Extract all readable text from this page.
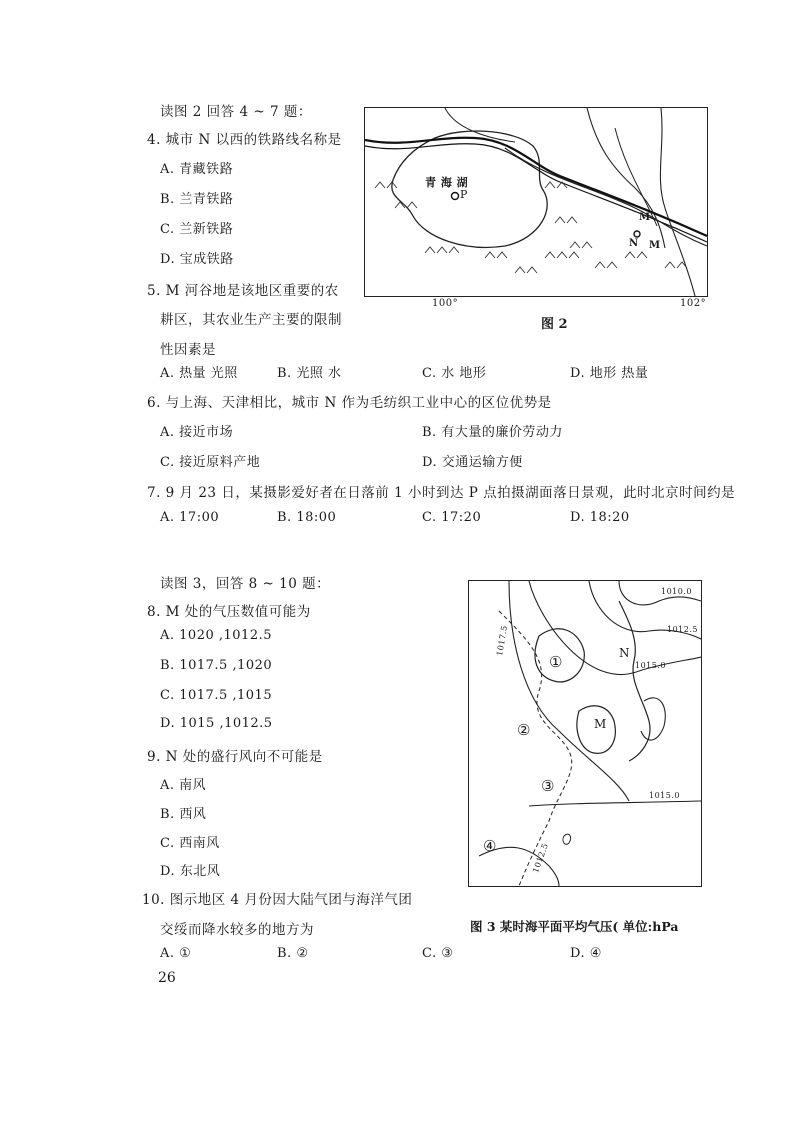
读图 2 回答 4 ~ 7 题：
4. 城市 N 以西的铁路线名称是
A. 青藏铁路
B. 兰青铁路
C. 兰新铁路
D. 宝成铁路
5. M 河谷地是该地区重要的农
耕区，其农业生产主要的限制
性因素是
A. 热量 光照	B. 光照 水	C. 水 地形	D. 地形 热量
6. 与上海、天津相比，城市 N 作为毛纺织工业中心的区位优势是
A. 接近市场	B. 有大量的廉价劳动力
C. 接近原料产地	D. 交通运输方便
7. 9 月 23 日，某摄影爱好者在日落前 1 小时到达 P 点拍摄湖面落日景观，此时北京时间约是
A. 17:00	B. 18:00	C. 17:20	D. 18:20
青 海 湖
P
M
N M
100°	102°
图 2
读图 3，回答 8 ~ 10 题：
8. M 处的气压数值可能为
A. 1020 ,1012.5
B. 1017.5 ,1020
C. 1017.5 ,1015
D. 1015 ,1012.5
9. N 处的盛行风向不可能是
A. 南风
B. 西风
C. 西南风
D. 东北风
10. 图示地区 4 月份因大陆气团与海洋气团
交绥而降水较多的地方为
A. ①	B. ②	C. ③	D. ④
1010.0
1012.5
1015.0
1017.5
1015.0
1012.5
N
M
①
②
③
④
图 3 某时海平面平均气压( 单位:hPa
26
